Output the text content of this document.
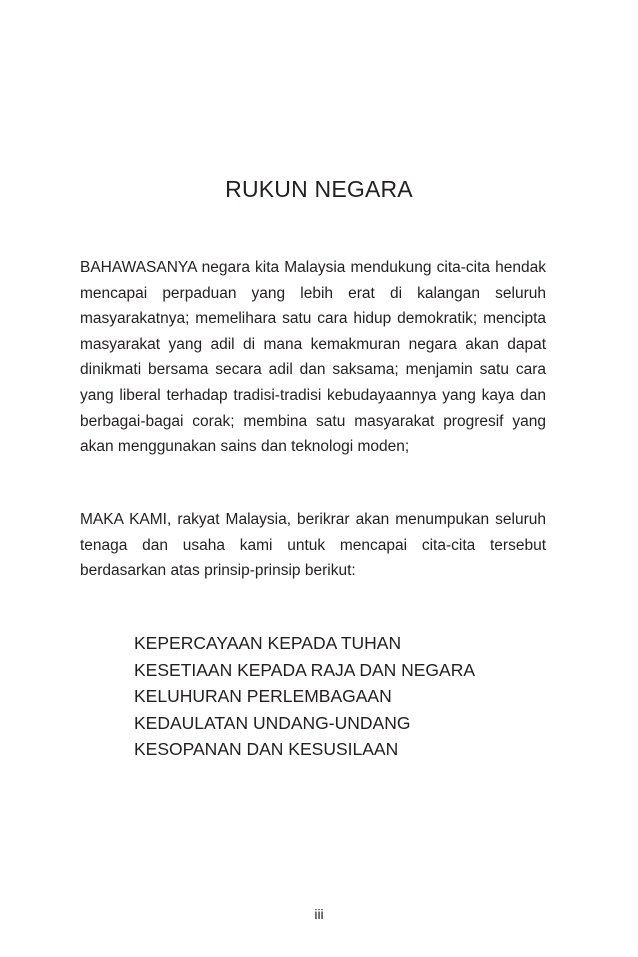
RUKUN NEGARA

BAHAWASANYA negara kita Malaysia mendukung cita-cita hendak mencapai perpaduan yang lebih erat di kalangan seluruh masyarakatnya; memelihara satu cara hidup demokratik; mencipta masyarakat yang adil di mana kemakmuran negara akan dapat dinikmati bersama secara adil dan saksama; menjamin satu cara yang liberal terhadap tradisi-tradisi kebudayaannya yang kaya dan berbagai-bagai corak; membina satu masyarakat progresif yang akan menggunakan sains dan teknologi moden;

MAKA KAMI, rakyat Malaysia, berikrar akan menumpukan seluruh tenaga dan usaha kami untuk mencapai cita-cita tersebut berdasarkan atas prinsip-prinsip berikut:

KEPERCAYAAN KEPADA TUHAN
KESETIAAN KEPADA RAJA DAN NEGARA
KELUHURAN PERLEMBAGAAN
KEDAULATAN UNDANG-UNDANG
KESOPANAN DAN KESUSILAAN
iii
